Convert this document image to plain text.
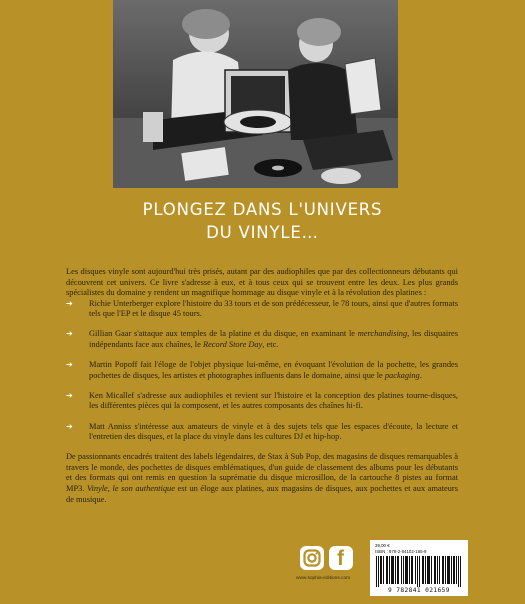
PLONGEZ DANS L'UNIVERS
DU VINYLE…

Les disques vinyle sont aujourd'hui très prisés, autant par des audiophiles que par des collectionneurs débutants qui découvrent cet univers. Ce livre s'adresse à eux, et à tous ceux qui se trouvent entre les deux. Les plus grands spécialistes du domaine y rendent un magnifique hommage au disque vinyle et à la révolution des platines :

➔ Richie Unterberger explore l'histoire du 33 tours et de son prédécesseur, le 78 tours, ainsi que d'autres formats tels que l'EP et le disque 45 tours.
➔ Gillian Gaar s'attaque aux temples de la platine et du disque, en examinant le merchandising, les disquaires indépendants face aux chaînes, le Record Store Day, etc.
➔ Martin Popoff fait l'éloge de l'objet physique lui-même, en évoquant l'évolution de la pochette, les grandes pochettes de disques, les artistes et photographes influents dans le domaine, ainsi que le packaging.
➔ Ken Micallef s'adresse aux audiophiles et revient sur l'histoire et la conception des platines tourne-disques, les différentes pièces qui la composent, et les autres composants des chaînes hi-fi.
➔ Matt Anniss s'intéresse aux amateurs de vinyle et à des sujets tels que les espaces d'écoute, la lecture et l'entretien des disques, et la place du vinyle dans les cultures DJ et hip-hop.

De passionnants encadrés traitent des labels légendaires, de Stax à Sub Pop, des magasins de disques remarquables à travers le monde, des pochettes de disques emblématiques, d'un guide de classement des albums pour les débutants et des formats qui ont remis en question la suprématie du disque microsillon, de la cartouche 8 pistes au format MP3. Vinyle, le son authentique est un éloge aux platines, aux magasins de disques, aux pochettes et aux amateurs de musique.

f
www.sophia-editions.com
39,00 €
ISBN : 978-2-84102-165-9
9 782841 021659
